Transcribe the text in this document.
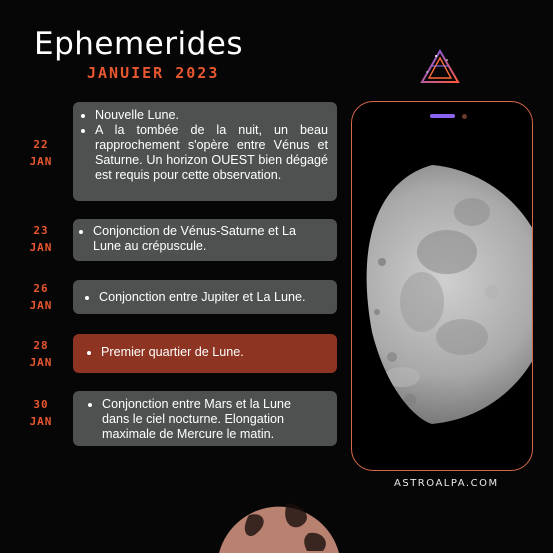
Ephemerides
JANUIER 2023
22
JAN
• Nouvelle Lune.
• A la tombée de la nuit, un beau rapprochement s'opère entre Vénus et Saturne. Un horizon OUEST bien dégagé est requis pour cette observation.
23
JAN
• Conjonction de Vénus-Saturne et La Lune au crépuscule.
26
JAN
• Conjonction entre Jupiter et La Lune.
28
JAN
• Premier quartier de Lune.
30
JAN
• Conjonction entre Mars et la Lune dans le ciel nocturne. Elongation maximale de Mercure le matin.
ASTROALPA.COM
